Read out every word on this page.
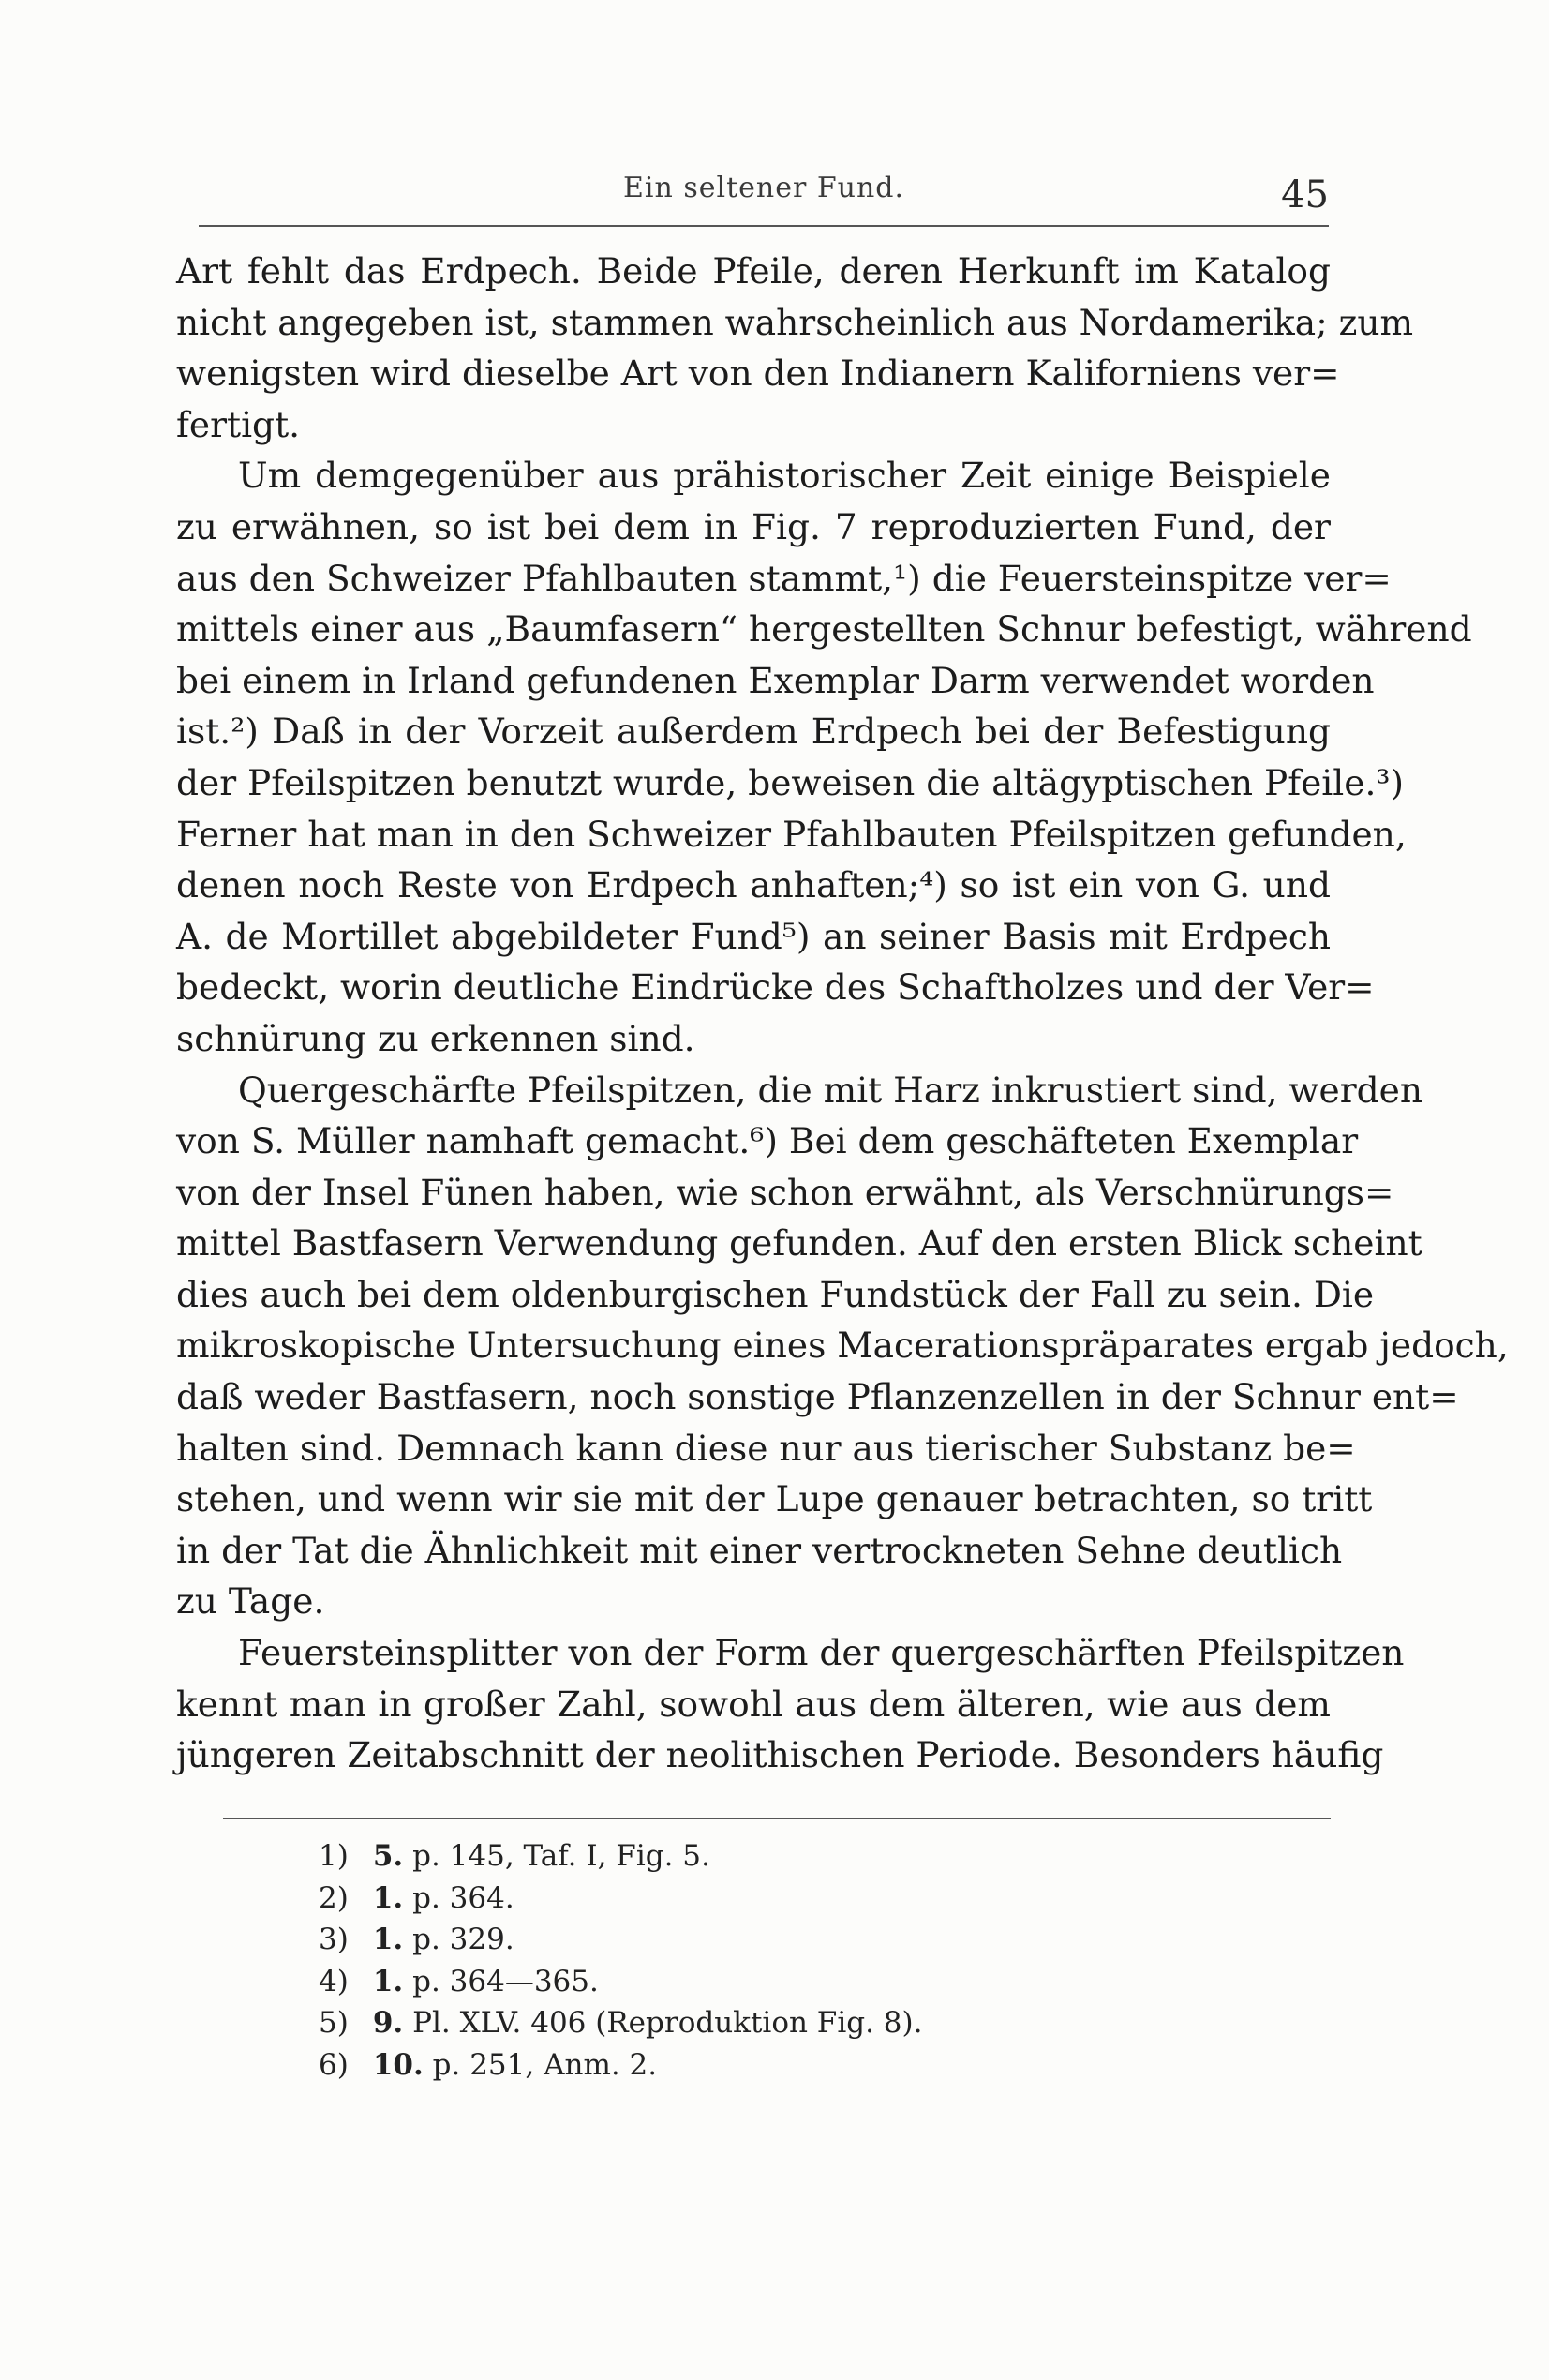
Ein seltener Fund.	45
Art fehlt das Erdpech. Beide Pfeile, deren Herkunft im Katalog
nicht angegeben ist, stammen wahrscheinlich aus Nordamerika; zum
wenigsten wird dieselbe Art von den Indianern Kaliforniens ver=
fertigt.
Um demgegenüber aus prähistorischer Zeit einige Beispiele
zu erwähnen, so ist bei dem in Fig. 7 reproduzierten Fund, der
aus den Schweizer Pfahlbauten stammt,¹) die Feuersteinspitze ver=
mittels einer aus „Baumfasern“ hergestellten Schnur befestigt, während
bei einem in Irland gefundenen Exemplar Darm verwendet worden
ist.²) Daß in der Vorzeit außerdem Erdpech bei der Befestigung
der Pfeilspitzen benutzt wurde, beweisen die altägyptischen Pfeile.³)
Ferner hat man in den Schweizer Pfahlbauten Pfeilspitzen gefunden,
denen noch Reste von Erdpech anhaften;⁴) so ist ein von G. und
A. de Mortillet abgebildeter Fund⁵) an seiner Basis mit Erdpech
bedeckt, worin deutliche Eindrücke des Schaftholzes und der Ver=
schnürung zu erkennen sind.
Quergeschärfte Pfeilspitzen, die mit Harz inkrustiert sind, werden
von S. Müller namhaft gemacht.⁶) Bei dem geschäfteten Exemplar
von der Insel Fünen haben, wie schon erwähnt, als Verschnürungs=
mittel Bastfasern Verwendung gefunden. Auf den ersten Blick scheint
dies auch bei dem oldenburgischen Fundstück der Fall zu sein. Die
mikroskopische Untersuchung eines Macerationspräparates ergab jedoch,
daß weder Bastfasern, noch sonstige Pflanzenzellen in der Schnur ent=
halten sind. Demnach kann diese nur aus tierischer Substanz be=
stehen, und wenn wir sie mit der Lupe genauer betrachten, so tritt
in der Tat die Ähnlichkeit mit einer vertrockneten Sehne deutlich
zu Tage.
Feuersteinsplitter von der Form der quergeschärften Pfeilspitzen
kennt man in großer Zahl, sowohl aus dem älteren, wie aus dem
jüngeren Zeitabschnitt der neolithischen Periode. Besonders häufig
1) 5. p. 145, Taf. I, Fig. 5.
2) 1. p. 364.
3) 1. p. 329.
4) 1. p. 364—365.
5) 9. Pl. XLV. 406 (Reproduktion Fig. 8).
6) 10. p. 251, Anm. 2.
